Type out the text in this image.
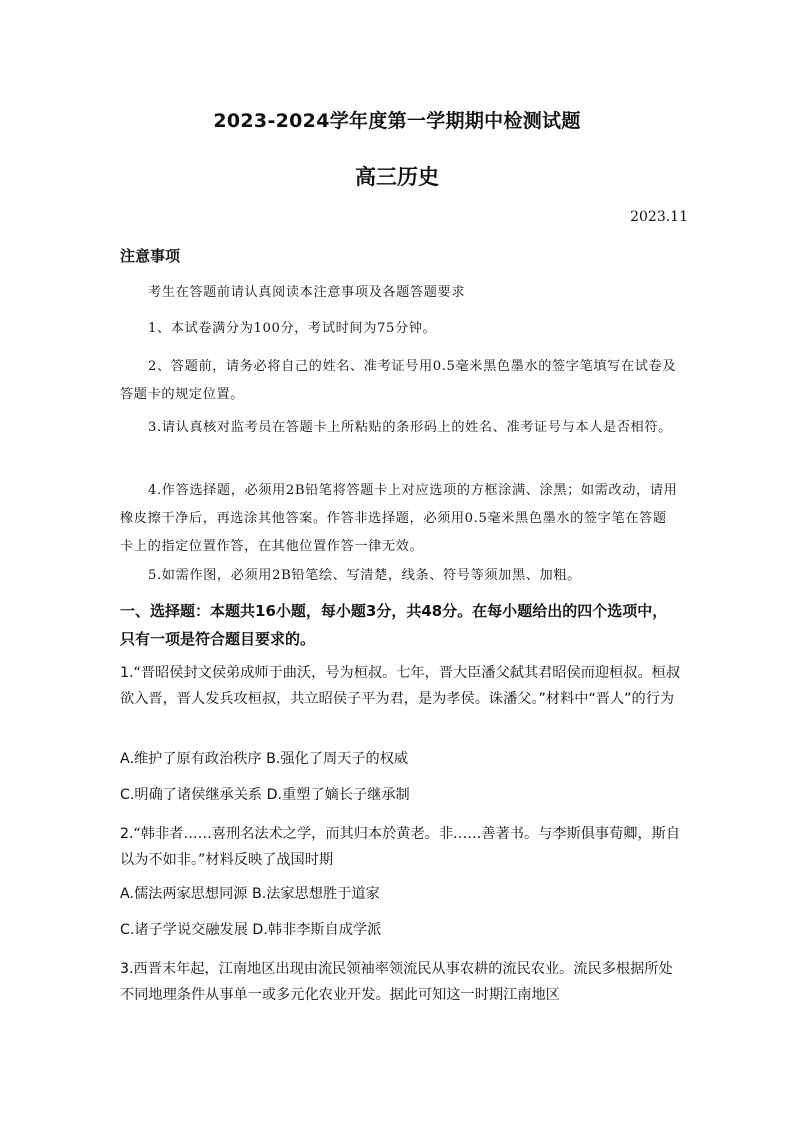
2023-2024学年度第一学期期中检测试题
高三历史
2023.11
注意事项
考生在答题前请认真阅读本注意事项及各题答题要求
1、本试卷满分为100分，考试时间为75分钟。
2、答题前，请务必将自己的姓名、准考证号用0.5毫米黑色墨水的签字笔填写在试卷及答题卡的规定位置。
3.请认真核对监考员在答题卡上所粘贴的条形码上的姓名、准考证号与本人是否相符。
4.作答选择题，必须用2B铅笔将答题卡上对应选项的方框涂满、涂黑；如需改动，请用橡皮擦干净后，再选涂其他答案。作答非选择题，必须用0.5毫米黑色墨水的签字笔在答题卡上的指定位置作答，在其他位置作答一律无效。
5.如需作图，必须用2B铅笔绘、写清楚，线条、符号等须加黑、加粗。
一、选择题：本题共16小题，每小题3分，共48分。在每小题给出的四个选项中，只有一项是符合题目要求的。
1.“晋昭侯封文侯弟成师于曲沃，号为桓叔。七年，晋大臣潘父弑其君昭侯而迎桓叔。桓叔欲入晋，晋人发兵攻桓叔，共立昭侯子平为君，是为孝侯。诛潘父。”材料中“晋人”的行为
A.维护了原有政治秩序 B.强化了周天子的权威
C.明确了诸侯继承关系 D.重塑了嫡长子继承制
2.“韩非者……喜刑名法术之学，而其归本於黄老。非……善著书。与李斯俱事荀卿，斯自以为不如非。”材料反映了战国时期
A.儒法两家思想同源 B.法家思想胜于道家
C.诸子学说交融发展 D.韩非李斯自成学派
3.西晋末年起，江南地区出现由流民领袖率领流民从事农耕的流民农业。流民多根据所处不同地理条件从事单一或多元化农业开发。据此可知这一时期江南地区
